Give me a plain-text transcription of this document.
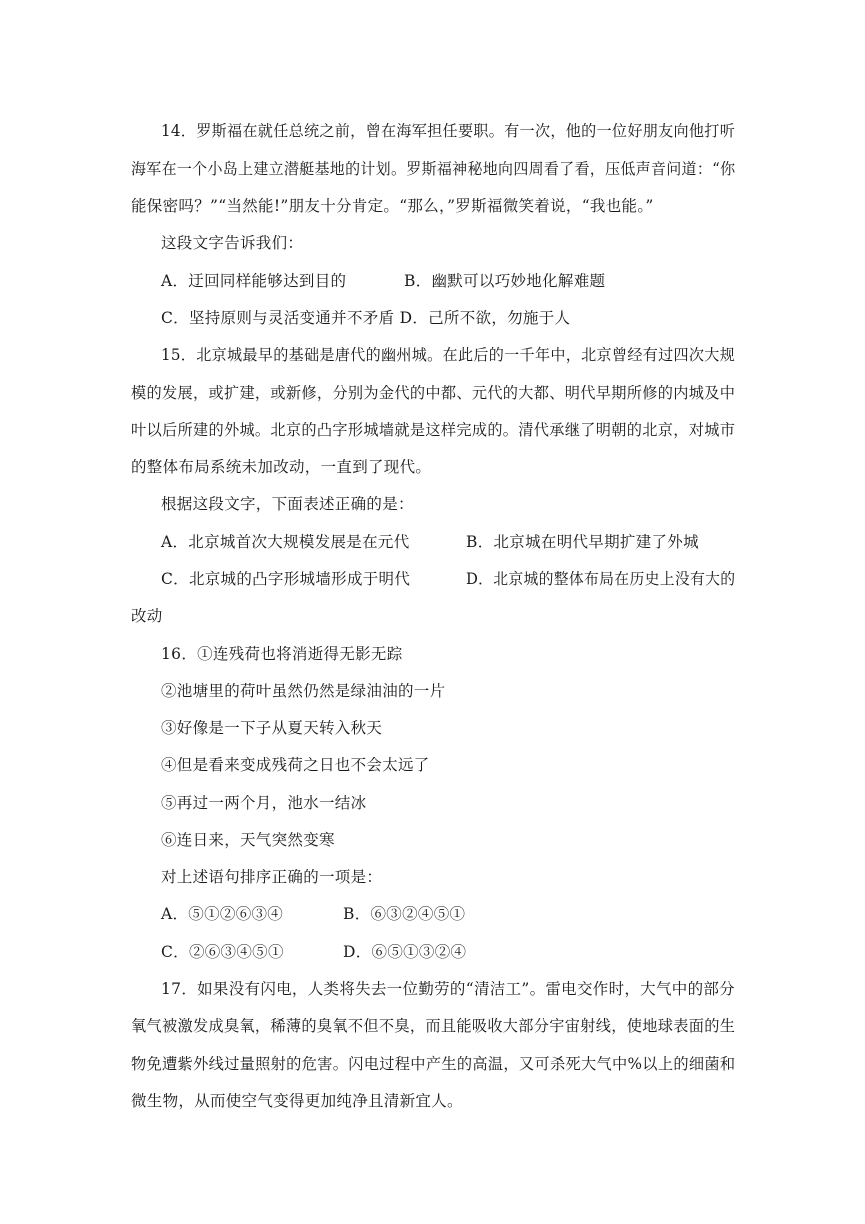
14．罗斯福在就任总统之前，曾在海军担任要职。有一次，他的一位好朋友向他打听
海军在一个小岛上建立潜艇基地的计划。罗斯福神秘地向四周看了看，压低声音问道：“你
能保密吗？”“当然能!”朋友十分肯定。“那么，”罗斯福微笑着说，“我也能。”
这段文字告诉我们：
A．迂回同样能够达到目的	B．幽默可以巧妙地化解难题
C．坚持原则与灵活变通并不矛盾 D．己所不欲，勿施于人
15．北京城最早的基础是唐代的幽州城。在此后的一千年中，北京曾经有过四次大规
模的发展，或扩建，或新修，分别为金代的中都、元代的大都、明代早期所修的内城及中
叶以后所建的外城。北京的凸字形城墙就是这样完成的。清代承继了明朝的北京，对城市
的整体布局系统未加改动，一直到了现代。
根据这段文字，下面表述正确的是：
A．北京城首次大规模发展是在元代	B．北京城在明代早期扩建了外城
C．北京城的凸字形城墙形成于明代	D．北京城的整体布局在历史上没有大的
改动
16．①连残荷也将消逝得无影无踪
②池塘里的荷叶虽然仍然是绿油油的一片
③好像是一下子从夏天转入秋天
④但是看来变成残荷之日也不会太远了
⑤再过一两个月，池水一结冰
⑥连日来，天气突然变寒
对上述语句排序正确的一项是：
A．⑤①②⑥③④	B．⑥③②④⑤①
C．②⑥③④⑤①	D．⑥⑤①③②④
17．如果没有闪电，人类将失去一位勤劳的“清洁工”。雷电交作时，大气中的部分
氧气被激发成臭氧，稀薄的臭氧不但不臭，而且能吸收大部分宇宙射线，使地球表面的生
物免遭紫外线过量照射的危害。闪电过程中产生的高温，又可杀死大气中%以上的细菌和
微生物，从而使空气变得更加纯净且清新宜人。
